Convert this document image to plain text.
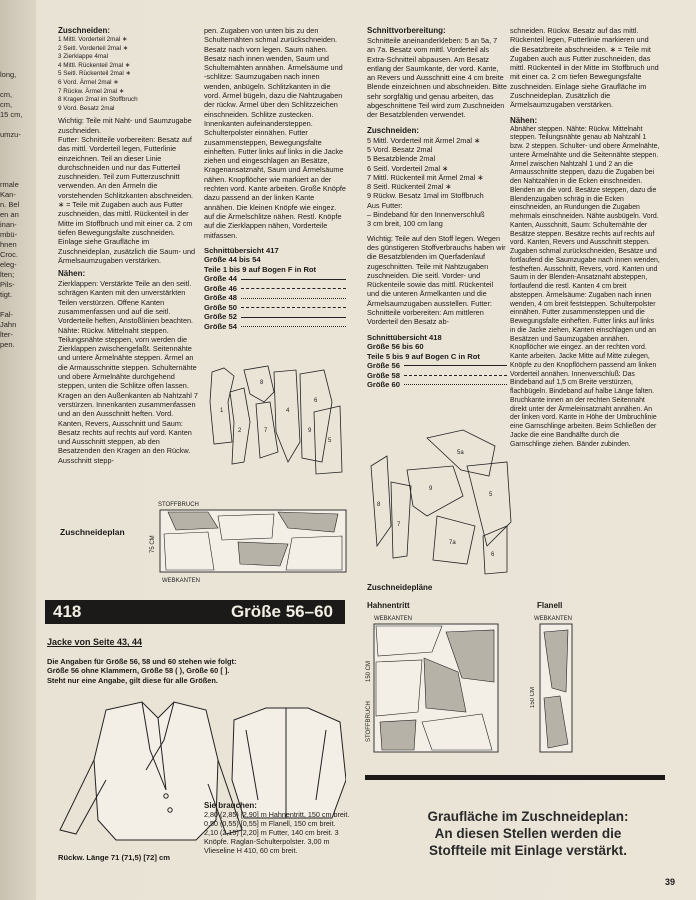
long,

cm,
cm,
15 cm,

umzu-

rmale
Kan-
n. Bel
en an
inan-
mbü-
hnen
Croc.
eleg-
lten;
Pils-
tigt.

Fal-
Jahn
lter-
pen.
Zuschneiden:
1 Mittl. Vorderteil 2mal ∗
2 Seitl. Vorderteil 2mal ∗
3 Zierklappe 4mal
4 Mittl. Rückenteil 2mal ∗
5 Seitl. Rückenteil 2mal ∗
6 Vord. Ärmel 2mal ∗
7 Rückw. Ärmel 2mal ∗
8 Kragen 2mal im Stoffbruch
9 Vord. Besatz 2mal

Wichtig: Teile mit Naht- und Saumzugabe zuschneiden.

Futter: Schnitteile vorbereiten: Besatz auf das mittl. Vorderteil legen, Futterlinie einzeichnen. Teil an dieser Linie durchschneiden und nur das Futterteil zuschneiden. Teil zum Futterzuschnitt verwenden. An den Ärmeln die vorstehenden Schlitzkanten abschneiden. ∗ = Teile mit Zugaben auch aus Futter zuschneiden, das mittl. Rückenteil in der Mitte im Stoffbruch und mit einer ca. 2 cm tiefen Bewegungsfalte zuschneiden.

Einlage siehe Graufläche im Zuschneideplan, zusätzlich die Saum- und Ärmelsaumzugaben verstärken.

Nähen:

Zierklappen: Verstärkte Teile an den seitl. schrägen Kanten mit den unverstärkten Teilen verstürzen. Offene Kanten zusammenfassen und auf die seitl. Vorderteile heften, Anstoßlinien beachten. Nähte: Rückw. Mittelnaht steppen. Teilungsnähte steppen, vorn werden die Zierklappen zwischengefaßt. Seitennähte und untere Ärmelnähte steppen. Ärmel an die Armausschnitte steppen. Schulternähte und obere Ärmelnähte durchgehend steppen, unten die Schlitze offen lassen. Kragen an den Außenkanten ab Nahtzahl 7 verstürzen. Innenkanten zusammenfassen und an den Ausschnitt heften. Vord. Kanten, Revers, Ausschnitt und Saum: Besatz rechts auf rechts auf vord. Kanten und Ausschnitt steppen, ab den Besatzenden den Kragen an den Rückw. Ausschnitt stepp-

pen. Zugaben von unten bis zu den Schulternähten schmal zurückschneiden. Besatz nach vorn legen. Saum nähen. Besatz nach innen wenden, Saum und Schulternähten annähen. Ärmelsäume und -schlitze: Saumzugaben nach innen wenden, anbügeln. Schlitzkanten in die vord. Ärmel bügeln, dazu die Nahtzugaben der rückw. Ärmel über den Schlitzzeichen einschneiden. Schlitze zustecken. Innenkanten aufeinandersteppen. Schulterpolster einnähen. Futter zusammensteppen, Bewegungsfalte einheften. Futter links auf links in die Jacke ziehen und eingeschlagen an Besätze, Kragenansatznaht, Saum und Ärmelsäume nähen. Knopflöcher wie markiert an der rechten vord. Kante arbeiten. Große Knöpfe dazu passend an der linken Kante annähen. Die kleinen Knöpfe wie eingez. auf die Ärmelschlitze nähen. Restl. Knöpfe auf die Zierklappen nähen, Vorderteile mitfassen.

Schnittübersicht 417
Größe 44 bis 54
Teile 1 bis 9 auf Bogen F in Rot
Größe 44
Größe 46
Größe 48
Größe 50
Größe 52
Größe 54
1
2
8
7
4
6
5
9
Zuschneideplan
STOFFBRUCH
WEBKANTEN
75 CM
418	Größe 56–60
Jacke von Seite 43, 44
Die Angaben für Größe 56, 58 und 60 stehen wie folgt:
Größe 56 ohne Klammern, Größe 58 ( ), Größe 60 [ ].
Steht nur eine Angabe, gilt diese für alle Größen.
Rückw. Länge 71 (71,5) [72] cm
Sie brauchen:
2,80 (2,85) [2,90] m Hahnentritt, 150 cm breit. 0,50 (0,55) [0,55] m Flanell, 150 cm breit. 2,10 (2,15) [2,20] m Futter, 140 cm breit. 3 Knöpfe. Raglan-Schulterpolster. 3,00 m Vlieseline H 410, 60 cm breit.
Schnittvorbereitung:

Schnitteile aneinanderkleben: 5 an 5a, 7 an 7a. Besatz vom mittl. Vorderteil als Extra-Schnitteil abpausen. Am Besatz entlang der Saumkante, der vord. Kante, an Revers und Ausschnitt eine 4 cm breite Blende einzeichnen und abschneiden. Bitte sehr sorgfältig und genau arbeiten, das abgeschnittene Teil wird zum Zuschneiden der Besatzblenden verwendet.

Zuschneiden:
5 Mittl. Vorderteil mit Ärmel 2mal ∗
5 Vord. Besatz 2mal
5 Besatzblende 2mal
6 Seitl. Vorderteil 2mal ∗
7 Mittl. Rückenteil mit Ärmel 2mal ∗
8 Seitl. Rückenteil 2mal ∗
9 Rückw. Besatz 1mal im Stoffbruch
Aus Futter:
– Bindeband für den Innenverschluß
3 cm breit, 100 cm lang

Wichtig: Teile auf den Stoff legen. Wegen des günstigeren Stoffverbrauchs haben wir die Besatzblenden im Querfadenlauf zugeschnitten. Teile mit Nahtzugaben zuschneiden. Die seitl. Vorder- und Rückenteile sowie das mittl. Rückenteil und die unteren Ärmelkanten und die Ärmelsaumzugaben ausstellen. Futter: Schnitteile vorbereiten: Am mittleren Vorderteil den Besatz ab-

Schnittübersicht 418
Größe 56 bis 60
Teile 5 bis 9 auf Bogen C in Rot
Größe 56
Größe 58
Größe 60
8
7
9
5a
5
7a
6
Zuschneidepläne
Hahnentritt	Flanell
WEBKANTEN
STOFFBRUCH
150 CM
WEBKANTEN
150 CM

schneiden. Rückw. Besatz auf das mittl. Rückenteil legen, Futterlinie markieren und die Besatzbreite abschneiden. ∗ = Teile mit Zugaben auch aus Futter zuschneiden, das mittl. Rückenteil in der Mitte im Stoffbruch und mit einer ca. 2 cm tiefen Bewegungsfalte zuschneiden. Einlage siehe Graufläche im Zuschneideplan. Zusätzlich die Ärmelsaumzugaben verstärken.

Nähen:

Abnäher steppen. Nähte: Rückw. Mittelnaht steppen. Teilungsnähte genau ab Nahtzahl 1 bzw. 2 steppen. Schulter- und obere Ärmelnähte, untere Ärmelnähte und die Seitennähte steppen. Ärmel zwischen Nahtzahl 1 und 2 an die Armausschnitte steppen, dazu die Zugaben bei den Nahtzahlen in die Ecken einschneiden. Blenden an die vord. Besätze steppen, dazu die Blendenzugaben schräg in die Ecken einschneiden, an Rundungen die Zugaben mehrmals einschneiden. Nähte ausbügeln. Vord. Kanten, Ausschnitt, Saum: Schulternähte der Besätze steppen. Besätze rechts auf rechts auf vord. Kanten, Revers und Ausschnitt steppen. Zugaben schmal zurückschneiden, Besätze und fortlaufend die Saumzugabe nach innen wenden, festheften. Ausschnitt, Revers, vord. Kanten und Saum in der Blenden-Ansatznaht absteppen, fortlaufend die restl. Kanten 4 cm breit absteppen. Ärmelsäume: Zugaben nach innen wenden, 4 cm breit feststeppen. Schulterpolster einnähen. Futter zusammensteppen und die Bewegungsfalte einheften. Futter links auf links in die Jacke ziehen, Kanten einschlagen und an Besätzen und Saumzugaben annähen. Knopflöcher wie eingez. an der rechten vord. Kante arbeiten. Jacke Mitte auf Mitte zulegen, Knöpfe zu den Knopflöchern passend am linken Vorderteil annähen. Innenverschluß: Das Bindeband auf 1,5 cm Breite verstürzen, flachbügeln. Bindeband auf halbe Länge falten. Bruchkante innen an der rechten Seitennaht direkt unter der Ärmeleinsatznaht annähen. An der linken vord. Kante in Höhe der Umbruchlinie eine Garnschlinge arbeiten. Beim Schließen der Jacke die eine Bandhälfte durch die Garnschlinge ziehen. Bänder zubinden.

Graufläche im Zuschneideplan:
An diesen Stellen werden die
Stoffteile mit Einlage verstärkt.
39
